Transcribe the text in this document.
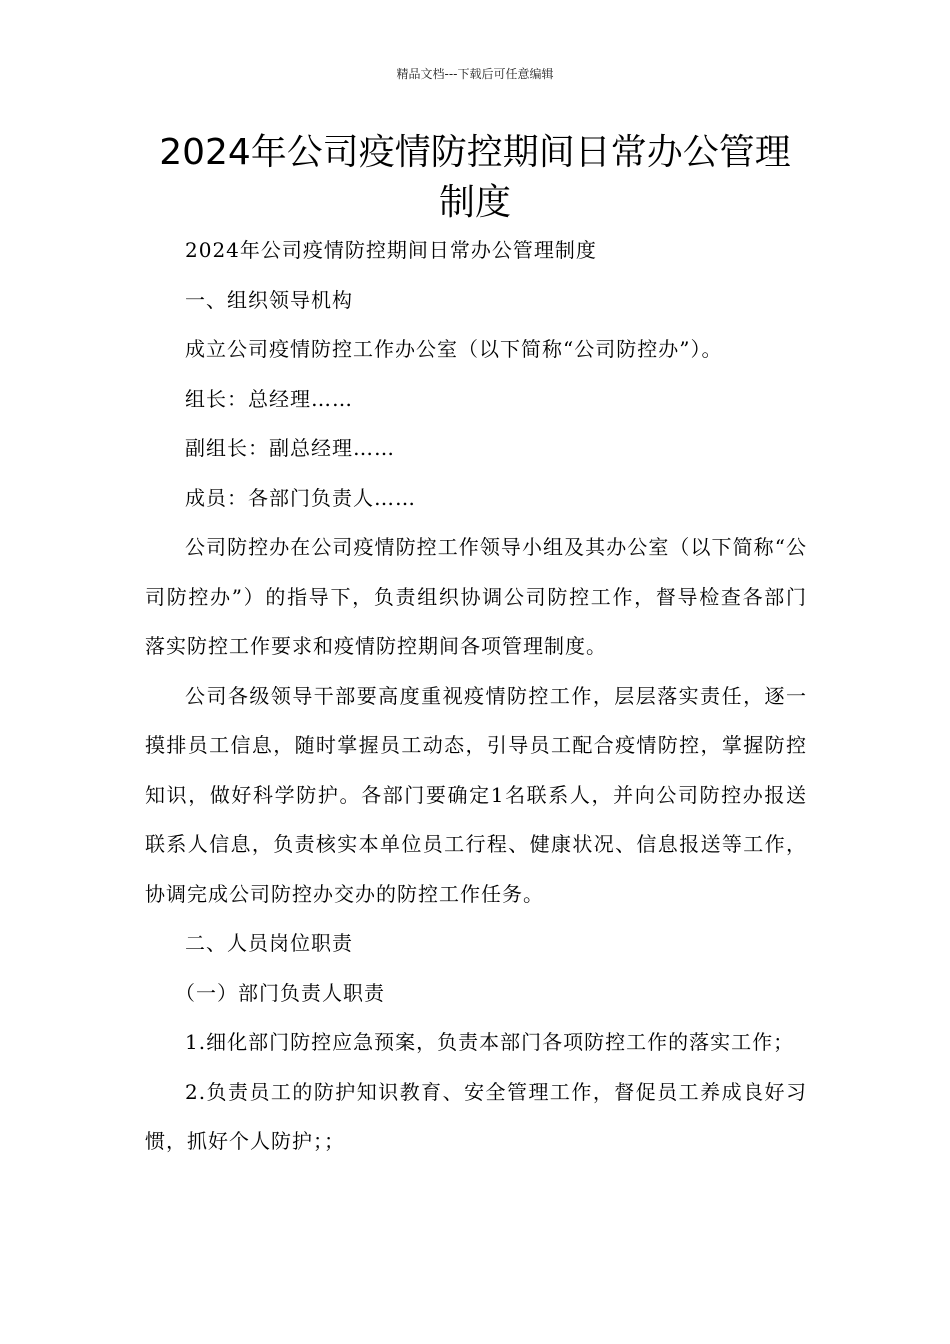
精品文档---下载后可任意编辑
2024年公司疫情防控期间日常办公管理
制度

2024年公司疫情防控期间日常办公管理制度

一、组织领导机构

成立公司疫情防控工作办公室（以下简称“公司防控办”）。

组长：总经理……

副组长：副总经理……

成员：各部门负责人……

公司防控办在公司疫情防控工作领导小组及其办公室（以下简称“公司防控办”）的指导下，负责组织协调公司防控工作，督导检查各部门落实防控工作要求和疫情防控期间各项管理制度。

公司各级领导干部要高度重视疫情防控工作，层层落实责任，逐一摸排员工信息，随时掌握员工动态，引导员工配合疫情防控，掌握防控知识，做好科学防护。各部门要确定1名联系人，并向公司防控办报送联系人信息，负责核实本单位员工行程、健康状况、信息报送等工作，协调完成公司防控办交办的防控工作任务。

二、人员岗位职责

（一）部门负责人职责

1.细化部门防控应急预案，负责本部门各项防控工作的落实工作；

2.负责员工的防护知识教育、安全管理工作，督促员工养成良好习惯，抓好个人防护；；
